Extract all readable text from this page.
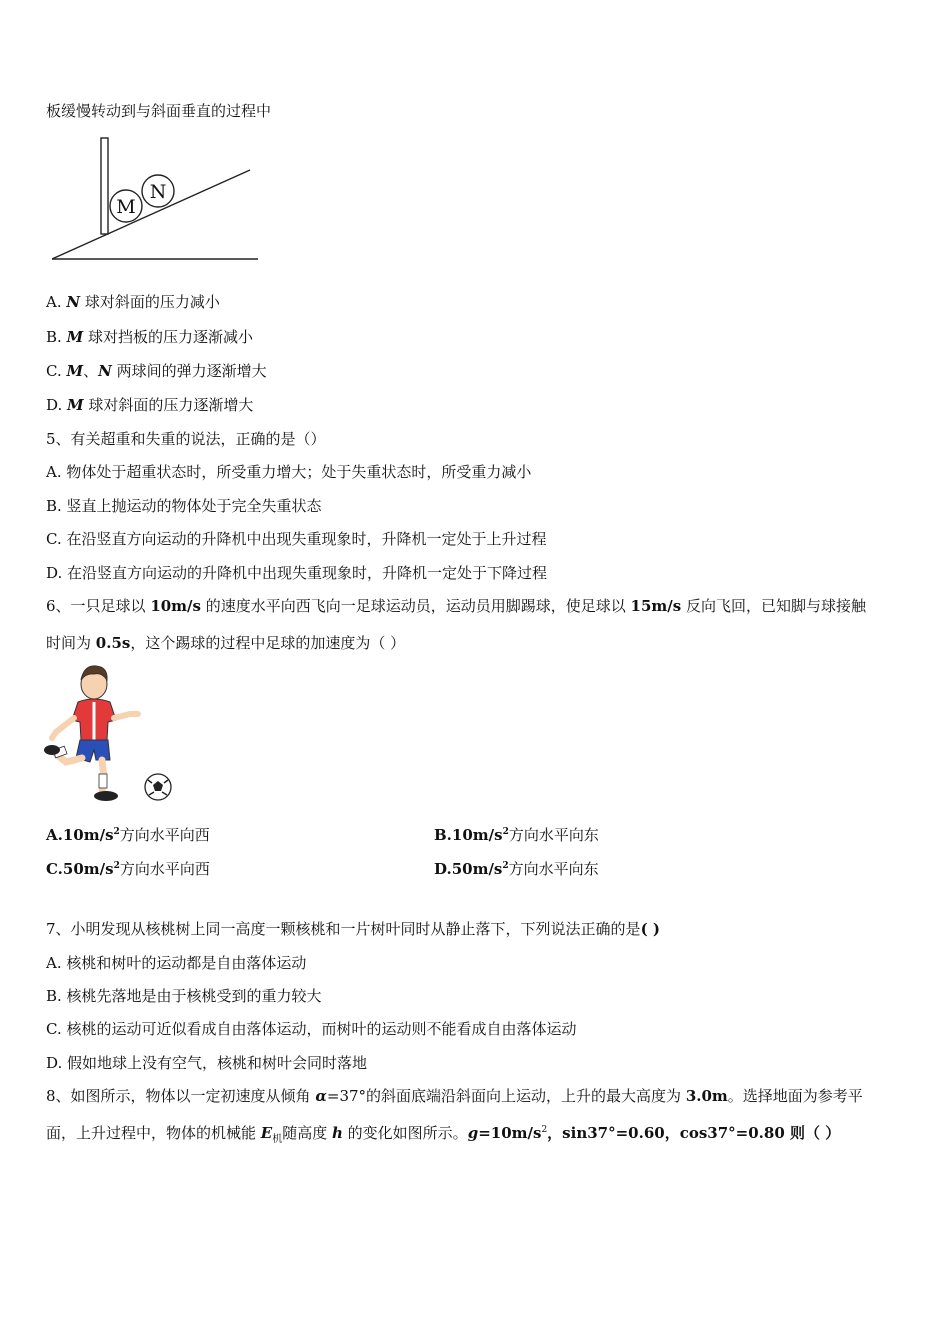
板缓慢转动到与斜面垂直的过程中
M
N
A. N 球对斜面的压力减小
B. M 球对挡板的压力逐渐减小
C. M、N 两球间的弹力逐渐增大
D. M 球对斜面的压力逐渐增大
5、有关超重和失重的说法，正确的是（）
A. 物体处于超重状态时，所受重力增大；处于失重状态时，所受重力减小
B. 竖直上抛运动的物体处于完全失重状态
C. 在沿竖直方向运动的升降机中出现失重现象时，升降机一定处于上升过程
D. 在沿竖直方向运动的升降机中出现失重现象时，升降机一定处于下降过程
6、一只足球以 10m/s 的速度水平向西飞向一足球运动员，运动员用脚踢球，使足球以 15m/s 反向飞回，已知脚与球接触
时间为 0.5s，这个踢球的过程中足球的加速度为（ ）
$A.10m/s^2$方向水平向西	$B.10m/s^2$方向水平向东
$C.50m/s^2$方向水平向西	$D.50m/s^2$方向水平向东
7、小明发现从核桃树上同一高度一颗核桃和一片树叶同时从静止落下，下列说法正确的是( )
A. 核桃和树叶的运动都是自由落体运动
B. 核桃先落地是由于核桃受到的重力较大
C. 核桃的运动可近似看成自由落体运动，而树叶的运动则不能看成自由落体运动
D. 假如地球上没有空气，核桃和树叶会同时落地
8、如图所示，物体以一定初速度从倾角 α=37°的斜面底端沿斜面向上运动，上升的最大高度为 3.0m。选择地面为参考平
面，上升过程中，物体的机械能 $E_机$随高度 h 的变化如图所示。$g=10m/s^2$，sin37°=0.60，cos37°=0.80 则（ ）
